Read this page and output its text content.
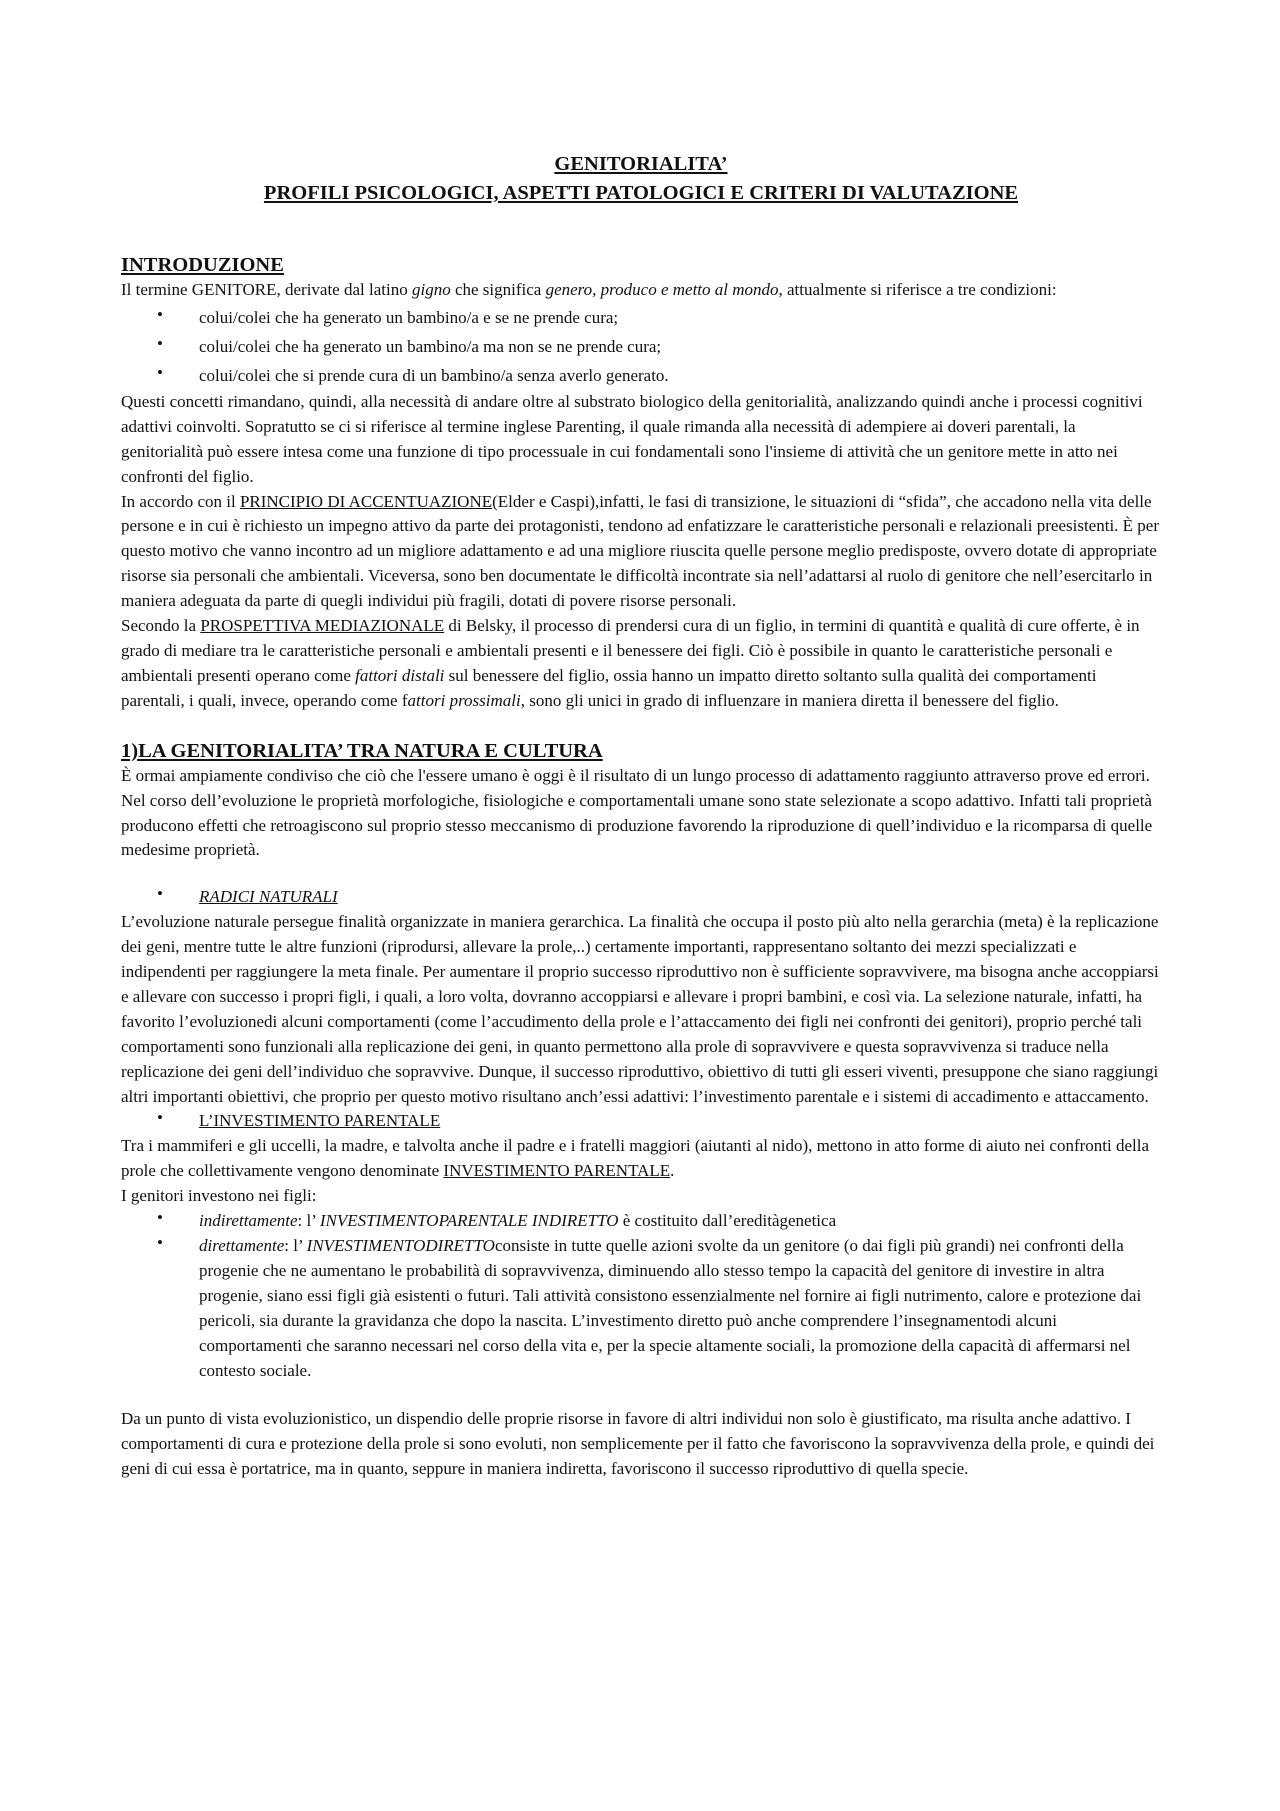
GENITORIALITA’
PROFILI PSICOLOGICI, ASPETTI PATOLOGICI E CRITERI DI VALUTAZIONE
INTRODUZIONE

Il termine GENITORE, derivate dal latino gigno che significa genero, produco e metto al mondo, attualmente si riferisce a tre condizioni:

• colui/colei che ha generato un bambino/a e se ne prende cura;
• colui/colei che ha generato un bambino/a ma non se ne prende cura;
• colui/colei che si prende cura di un bambino/a senza averlo generato.

Questi concetti rimandano, quindi, alla necessità di andare oltre al substrato biologico della genitorialità, analizzando quindi anche i processi cognitivi adattivi coinvolti. Sopratutto se ci si riferisce al termine inglese Parenting, il quale rimanda alla necessità di adempiere ai doveri parentali, la genitorialità può essere intesa come una funzione di tipo processuale in cui fondamentali sono l'insieme di attività che un genitore mette in atto nei confronti del figlio.

In accordo con il PRINCIPIO DI ACCENTUAZIONE(Elder e Caspi),infatti, le fasi di transizione, le situazioni di “sfida”, che accadono nella vita delle persone e in cui è richiesto un impegno attivo da parte dei protagonisti, tendono ad enfatizzare le caratteristiche personali e relazionali preesistenti. È per questo motivo che vanno incontro ad un migliore adattamento e ad una migliore riuscita quelle persone meglio predisposte, ovvero dotate di appropriate risorse sia personali che ambientali. Viceversa, sono ben documentate le difficoltà incontrate sia nell’adattarsi al ruolo di genitore che nell’esercitarlo in maniera adeguata da parte di quegli individui più fragili, dotati di povere risorse personali.

Secondo la PROSPETTIVA MEDIAZIONALE di Belsky, il processo di prendersi cura di un figlio, in termini di quantità e qualità di cure offerte, è in grado di mediare tra le caratteristiche personali e ambientali presenti e il benessere dei figli. Ciò è possibile in quanto le caratteristiche personali e ambientali presenti operano come fattori distali sul benessere del figlio, ossia hanno un impatto diretto soltanto sulla qualità dei comportamenti parentali, i quali, invece, operando come fattori prossimali, sono gli unici in grado di influenzare in maniera diretta il benessere del figlio.

1)LA GENITORIALITA’ TRA NATURA E CULTURA

È ormai ampiamente condiviso che ciò che l'essere umano è oggi è il risultato di un lungo processo di adattamento raggiunto attraverso prove ed errori. Nel corso dell’evoluzione le proprietà morfologiche, fisiologiche e comportamentali umane sono state selezionate a scopo adattivo. Infatti tali proprietà producono effetti che retroagiscono sul proprio stesso meccanismo di produzione favorendo la riproduzione di quell’individuo e la ricomparsa di quelle medesime proprietà.

• RADICI NATURALI

L’evoluzione naturale persegue finalità organizzate in maniera gerarchica. La finalità che occupa il posto più alto nella gerarchia (meta) è la replicazione dei geni, mentre tutte le altre funzioni (riprodursi, allevare la prole,..) certamente importanti, rappresentano soltanto dei mezzi specializzati e indipendenti per raggiungere la meta finale. Per aumentare il proprio successo riproduttivo non è sufficiente sopravvivere, ma bisogna anche accoppiarsi e allevare con successo i propri figli, i quali, a loro volta, dovranno accoppiarsi e allevare i propri bambini, e così via. La selezione naturale, infatti, ha favorito l’evoluzionedi alcuni comportamenti (come l’accudimento della prole e l’attaccamento dei figli nei confronti dei genitori), proprio perché tali comportamenti sono funzionali alla replicazione dei geni, in quanto permettono alla prole di sopravvivere e questa sopravvivenza si traduce nella replicazione dei geni dell’individuo che sopravvive. Dunque, il successo riproduttivo, obiettivo di tutti gli esseri viventi, presuppone che siano raggiungi altri importanti obiettivi, che proprio per questo motivo risultano anch’essi adattivi: l’investimento parentale e i sistemi di accadimento e attaccamento.

• L’INVESTIMENTO PARENTALE

Tra i mammiferi e gli uccelli, la madre, e talvolta anche il padre e i fratelli maggiori (aiutanti al nido), mettono in atto forme di aiuto nei confronti della prole che collettivamente vengono denominate INVESTIMENTO PARENTALE.

I genitori investono nei figli:

• indirettamente: l’ INVESTIMENTOPARENTALE INDIRETTO è costituito dall’ereditàgenetica
• direttamente: l’ INVESTIMENTODIRETTOconsiste in tutte quelle azioni svolte da un genitore (o dai figli più grandi) nei confronti della progenie che ne aumentano le probabilità di sopravvivenza, diminuendo allo stesso tempo la capacità del genitore di investire in altra progenie, siano essi figli già esistenti o futuri. Tali attività consistono essenzialmente nel fornire ai figli nutrimento, calore e protezione dai pericoli, sia durante la gravidanza che dopo la nascita. L’investimento diretto può anche comprendere l’insegnamentodi alcuni comportamenti che saranno necessari nel corso della vita e, per la specie altamente sociali, la promozione della capacità di affermarsi nel contesto sociale.

Da un punto di vista evoluzionistico, un dispendio delle proprie risorse in favore di altri individui non solo è giustificato, ma risulta anche adattivo. I comportamenti di cura e protezione della prole si sono evoluti, non semplicemente per il fatto che favoriscono la sopravvivenza della prole, e quindi dei geni di cui essa è portatrice, ma in quanto, seppure in maniera indiretta, favoriscono il successo riproduttivo di quella specie.
